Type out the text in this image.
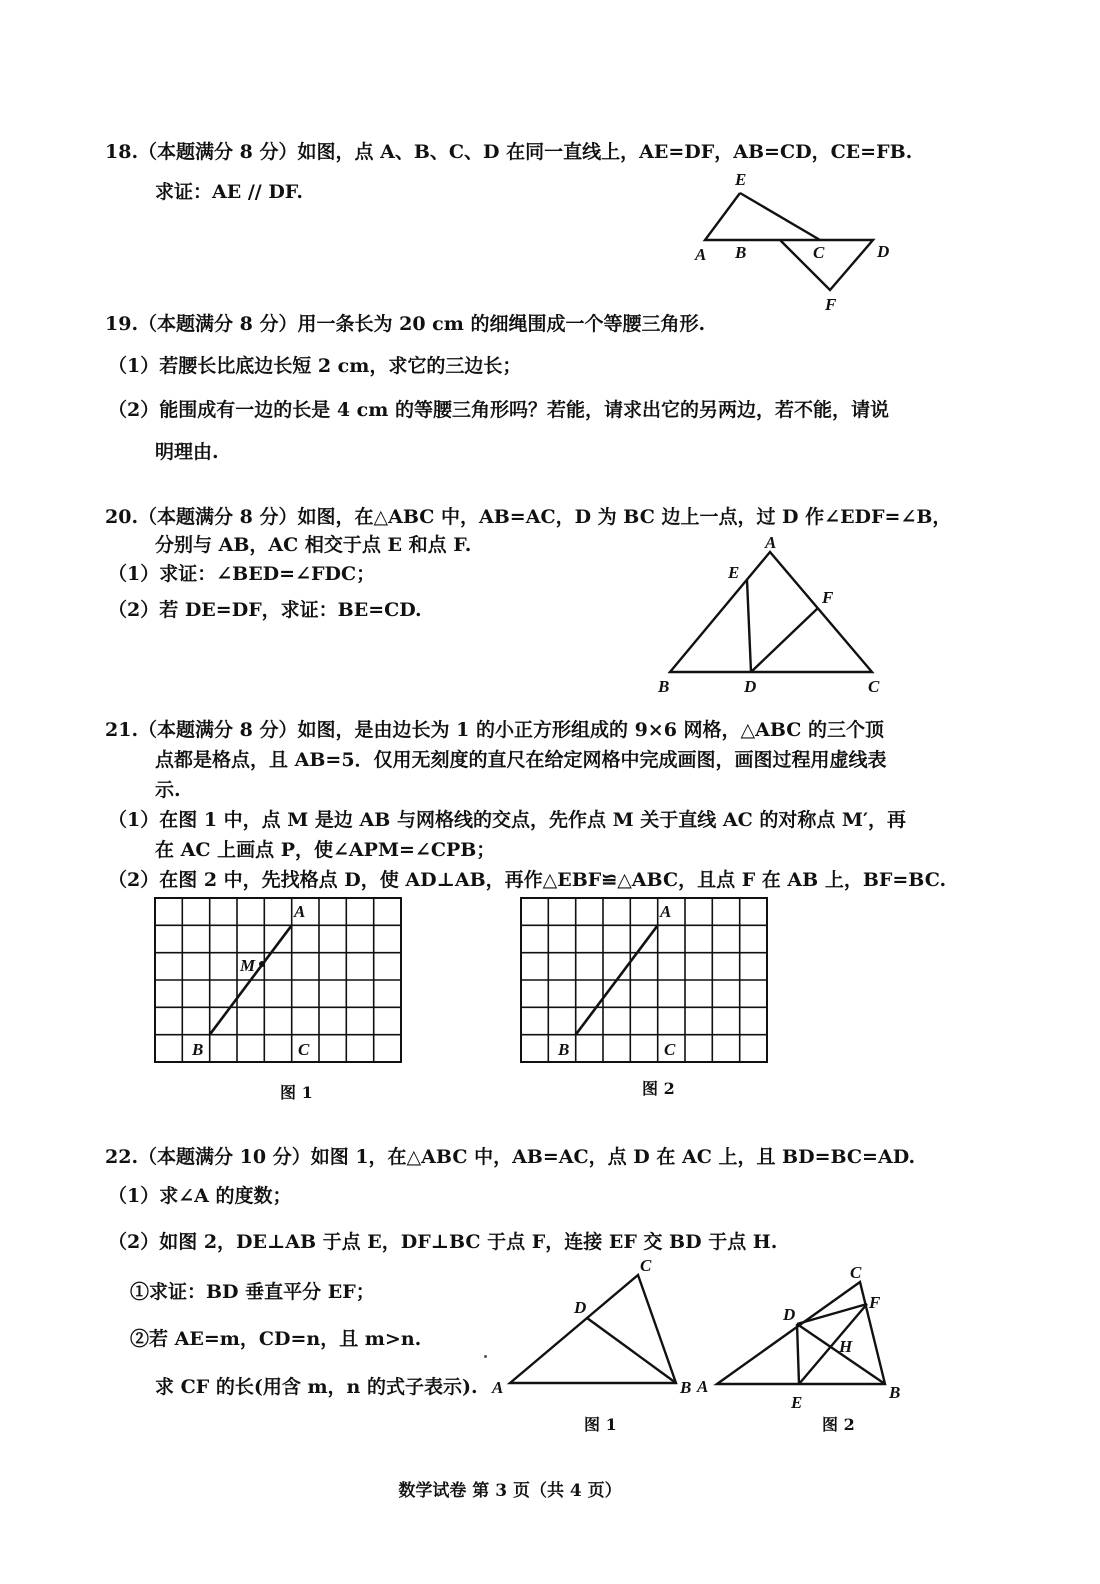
18.（本题满分 8 分）如图，点 A、B、C、D 在同一直线上，AE=DF，AB=CD，CE=FB.
求证：AE // DF.
E
A B	C	D
F
19.（本题满分 8 分）用一条长为 20 cm 的细绳围成一个等腰三角形.
（1）若腰长比底边长短 2 cm，求它的三边长；
（2）能围成有一边的长是 4 cm 的等腰三角形吗？若能，请求出它的另两边，若不能，请说
明理由.
20.（本题满分 8 分）如图，在△ABC 中，AB=AC，D 为 BC 边上一点，过 D 作∠EDF=∠B，
分别与 AB，AC 相交于点 E 和点 F.
（1）求证：∠BED=∠FDC；
（2）若 DE=DF，求证：BE=CD.
A
E
F
B	D	C
21.（本题满分 8 分）如图，是由边长为 1 的小正方形组成的 9×6 网格，△ABC 的三个顶
点都是格点，且 AB=5．仅用无刻度的直尺在给定网格中完成画图，画图过程用虚线表
示.
（1）在图 1 中，点 M 是边 AB 与网格线的交点，先作点 M 关于直线 AC 的对称点 M′，再
在 AC 上画点 P，使∠APM=∠CPB；
（2）在图 2 中，先找格点 D，使 AD⊥AB，再作△EBF≌△ABC，且点 F 在 AB 上，BF=BC.
A
M
B	C
图 1
A
B	C
图 2
22.（本题满分 10 分）如图 1，在△ABC 中，AB=AC，点 D 在 AC 上，且 BD=BC=AD.
（1）求∠A 的度数；
（2）如图 2，DE⊥AB 于点 E，DF⊥BC 于点 F，连接 EF 交 BD 于点 H.
①求证：BD 垂直平分 EF；
②若 AE=m，CD=n，且 m>n.
求 CF 的长(用含 m，n 的式子表示).
C
D
A	B
图 1
C
F
D
H
A
E
B
图 2
数学试卷 第 3 页（共 4 页）
